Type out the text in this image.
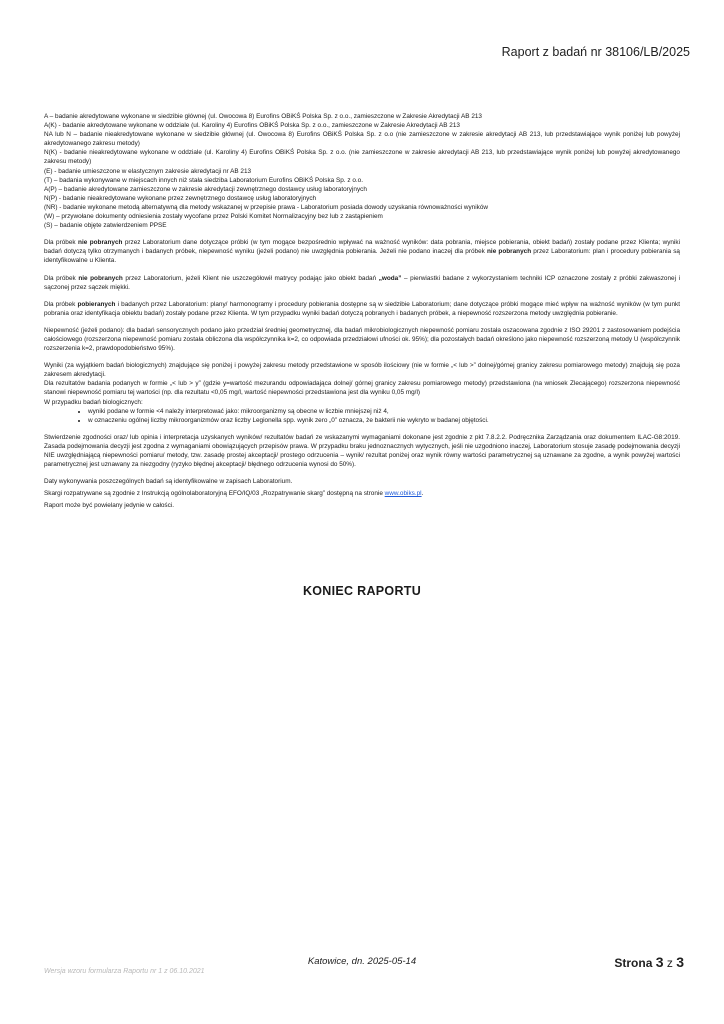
Raport z badań nr 38106/LB/2025
A – badanie akredytowane wykonane w siedzibie głównej (ul. Owocowa 8) Eurofins OBiKŚ Polska Sp. z o.o., zamieszczone w Zakresie Akredytacji AB 213
A(K) - badanie akredytowane wykonane w oddziale (ul. Karoliny 4) Eurofins OBiKŚ Polska Sp. z o.o., zamieszczone w Zakresie Akredytacji AB 213
NA lub N – badanie nieakredytowane wykonane w siedzibie głównej (ul. Owocowa 8) Eurofins OBiKŚ Polska Sp. z o.o (nie zamieszczone w zakresie akredytacji AB 213, lub przedstawiające wynik poniżej lub powyżej akredytowanego zakresu metody)
N(K) - badanie nieakredytowane wykonane w oddziale (ul. Karoliny 4) Eurofins OBiKŚ Polska Sp. z o.o. (nie zamieszczone w zakresie akredytacji AB 213, lub przedstawiające wynik poniżej lub powyżej akredytowanego zakresu metody)
(E) - badanie umieszczone w elastycznym zakresie akredytacji nr AB 213
(T) – badania wykonywane w miejscach innych niż stała siedziba Laboratorium Eurofins OBiKŚ Polska Sp. z o.o.
A(P) – badanie akredytowane zamieszczone w zakresie akredytacji zewnętrznego dostawcy usług laboratoryjnych
N(P) - badanie nieakredytowane wykonane przez zewnętrznego dostawcę usług laboratoryjnych
(NR) - badanie wykonane metodą alternatywną dla metody wskazanej w przepisie prawa - Laboratorium posiada dowody uzyskania równoważności wyników
(W) – przywołane dokumenty odniesienia zostały wycofane przez Polski Komitet Normalizacyjny bez lub z zastąpieniem
(S) – badanie objęte zatwierdzeniem PPSE
Dla próbek nie pobranych przez Laboratorium dane dotyczące próbki (w tym mogące bezpośrednio wpływać na ważność wyników: data pobrania, miejsce pobierania, obiekt badań) zostały podane przez Klienta; wyniki badań dotyczą tylko otrzymanych i badanych próbek, niepewność wyniku (jeżeli podano) nie uwzględnia pobierania. Jeżeli nie podano inaczej dla próbek nie pobranych przez Laboratorium: plan i procedury pobierania są identyfikowalne u Klienta.
Dla próbek nie pobranych przez Laboratorium, jeżeli Klient nie uszczegółowił matrycy podając jako obiekt badań „woda” – pierwiastki badane z wykorzystaniem techniki ICP oznaczone zostały z próbki zakwaszonej i sączonej przez sączek miękki.
Dla próbek pobieranych i badanych przez Laboratorium: plany/ harmonogramy i procedury pobierania dostępne są w siedzibie Laboratorium; dane dotyczące próbki mogące mieć wpływ na ważność wyników (w tym punkt pobrania oraz identyfikacja obiektu badań) zostały podane przez Klienta. W tym przypadku wyniki badań dotyczą pobranych i badanych próbek, a niepewność rozszerzona metody uwzględnia pobieranie.
Niepewność (jeżeli podano): dla badań sensorycznych podano jako przedział średniej geometrycznej, dla badań mikrobiologicznych niepewność pomiaru została oszacowana zgodnie z ISO 29201 z zastosowaniem podejścia całościowego (rozszerzona niepewność pomiaru została obliczona dla współczynnika k=2, co odpowiada przedziałowi ufności ok. 95%); dla pozostałych badań określono jako niepewność rozszerzoną metody U (współczynnik rozszerzenia k=2, prawdopodobieństwo 95%).
Wyniki (za wyjątkiem badań biologicznych) znajdujące się poniżej i powyżej zakresu metody przedstawione w sposób ilościowy (nie w formie „< lub >” dolnej/górnej granicy zakresu pomiarowego metody) znajdują się poza zakresem akredytacji.
Dla rezultatów badania podanych w formie „< lub > y” (gdzie y=wartość mezurandu odpowiadająca dolnej/ górnej granicy zakresu pomiarowego metody) przedstawiona (na wniosek Zlecającego) rozszerzona niepewność stanowi niepewność pomiaru tej wartości (np. dla rezultatu <0,05 mg/l, wartość niepewności przedstawiona jest dla wyniku 0,05 mg/l)
W przypadku badań biologicznych:
• wyniki podane w formie <4 należy interpretować jako: mikroorganizmy są obecne w liczbie mniejszej niż 4,
• w oznaczeniu ogólnej liczby mikroorganizmów oraz liczby Legionella spp. wynik zero „0” oznacza, że bakterii nie wykryto w badanej objętości.
Stwierdzenie zgodności oraz/ lub opinia i interpretacja uzyskanych wyników/ rezultatów badań ze wskazanymi wymaganiami dokonane jest zgodnie z pkt 7.8.2.2. Podręcznika Zarządzania oraz dokumentem ILAC-G8:2019. Zasada podejmowania decyzji jest zgodna z wymaganiami obowiązujących przepisów prawa. W przypadku braku jednoznacznych wytycznych, jeśli nie uzgodniono inaczej, Laboratorium stosuje zasadę podejmowania decyzji NIE uwzględniającą niepewności pomiaru/ metody, tzw. zasadę prostej akceptacji/ prostego odrzucenia – wynik/ rezultat poniżej oraz wynik równy wartości parametrycznej są uznawane za zgodne, a wynik powyżej wartości parametrycznej jest uznawany za niezgodny (ryzyko błędnej akceptacji/ błędnego odrzucenia wynosi do 50%).
Daty wykonywania poszczególnych badań są identyfikowalne w zapisach Laboratorium.
Skargi rozpatrywane są zgodnie z Instrukcją ogólnolaboratoryjną EFO/IQ/03 „Rozpatrywanie skarg” dostępną na stronie www.obiks.pl.
Raport może być powielany jedynie w całości.
KONIEC RAPORTU
Katowice, dn. 2025-05-14	Strona 3 z 3
Wersja wzoru formularza Raportu nr 1 z 06.10.2021
